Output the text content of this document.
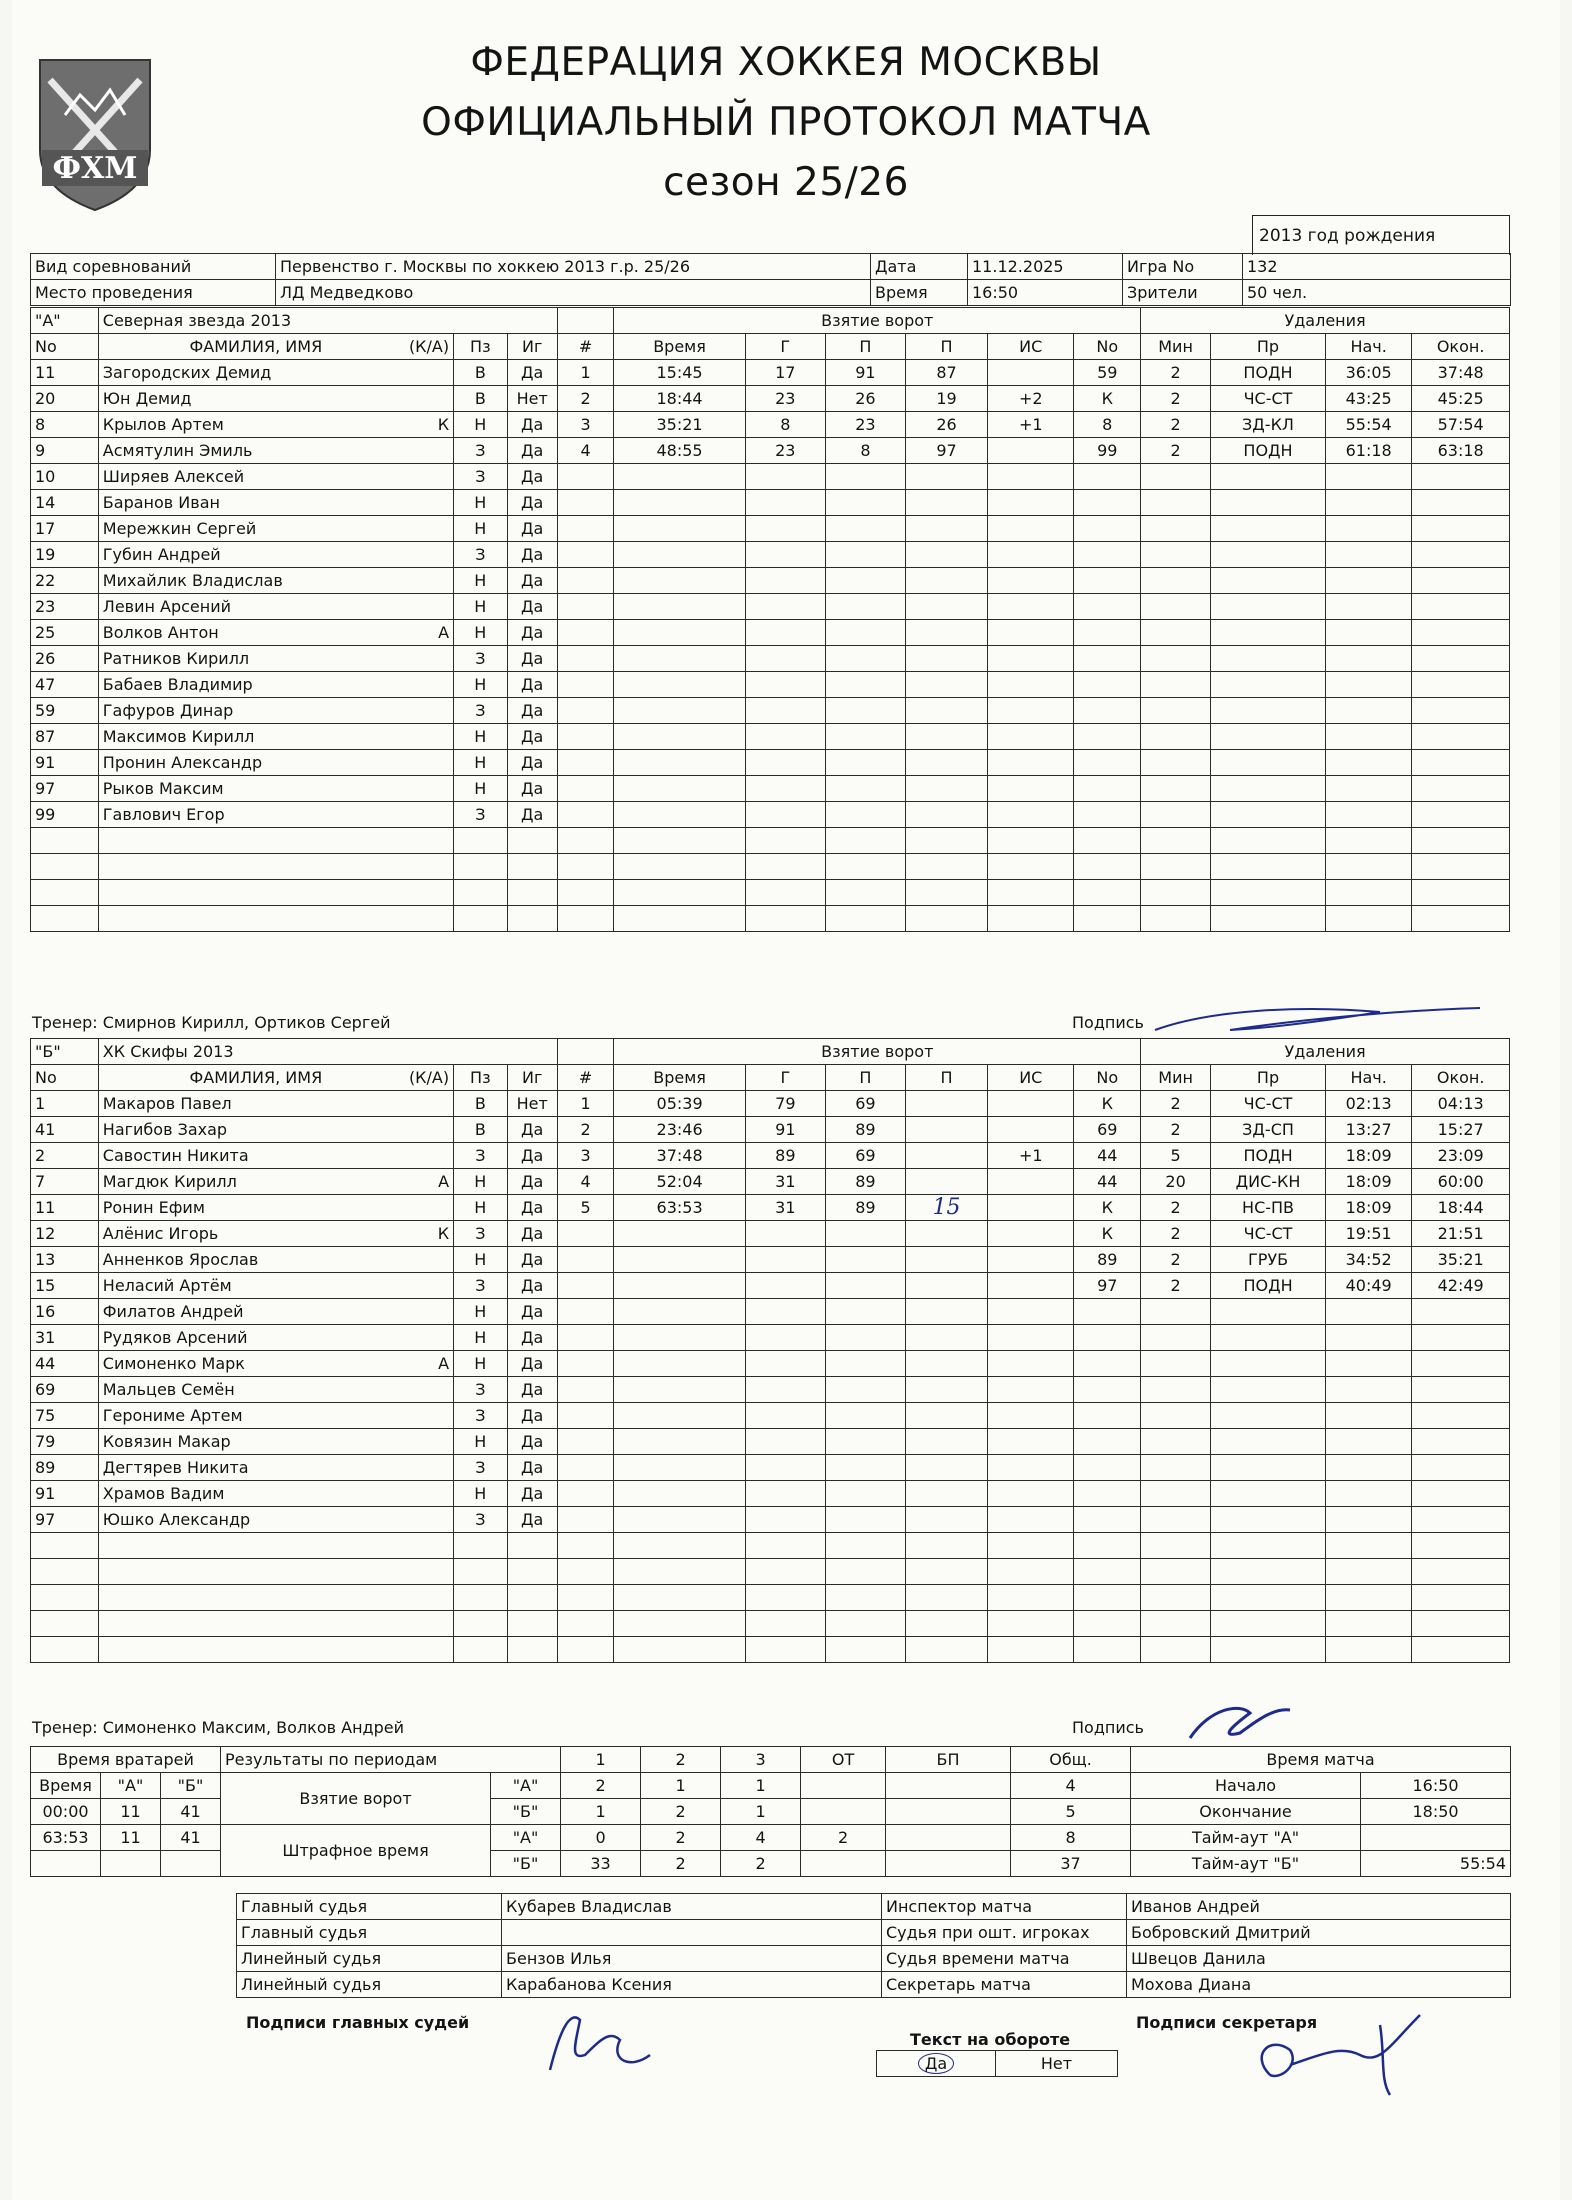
ФХМ
ФЕДЕРАЦИЯ ХОККЕЯ МОСКВЫ
ОФИЦИАЛЬНЫЙ ПРОТОКОЛ МАТЧА
сезон 25/26
2013 год рождения
Вид соревнований	Первенство г. Москвы по хоккею 2013 г.р. 25/26	Дата	11.12.2025	Игра No	132
Место проведения	ЛД Медведково	Время	16:50	Зрители	50 чел.
"А"	Северная звезда 2013				Взятие ворот						Удаления			
No	ФАМИЛИЯ, ИМЯ (К/А)	Пз	Иг	#	Время	Г	П	П	ИС	No	Мин	Пр	Нач.	Окон.
11	Загородских Демид	В	Да	1	15:45	17	91	87		59	2	ПОДН	36:05	37:48
20	Юн Демид	В	Нет	2	18:44	23	26	19	+2	К	2	ЧС-СТ	43:25	45:25
8	Крылов Артем К	Н	Да	3	35:21	8	23	26	+1	8	2	ЗД-КЛ	55:54	57:54
9	Асмятулин Эмиль	З	Да	4	48:55	23	8	97		99	2	ПОДН	61:18	63:18
10	Ширяев Алексей	З	Да											
14	Баранов Иван	Н	Да											
17	Мережкин Сергей	Н	Да											
19	Губин Андрей	З	Да											
22	Михайлик Владислав	Н	Да											
23	Левин Арсений	Н	Да											
25	Волков Антон А	Н	Да											
26	Ратников Кирилл	З	Да											
47	Бабаев Владимир	Н	Да											
59	Гафуров Динар	З	Да											
87	Максимов Кирилл	Н	Да											
91	Пронин Александр	Н	Да											
97	Рыков Максим	Н	Да											
99	Гавлович Егор	З	Да											

Тренер: Смирнов Кирилл, Ортиков Сергей	Подпись
"Б"	ХК Скифы 2013				Взятие ворот						Удаления			
No	ФАМИЛИЯ, ИМЯ (К/А)	Пз	Иг	#	Время	Г	П	П	ИС	No	Мин	Пр	Нач.	Окон.
1	Макаров Павел	В	Нет	1	05:39	79	69			К	2	ЧС-СТ	02:13	04:13
41	Нагибов Захар	В	Да	2	23:46	91	89			69	2	ЗД-СП	13:27	15:27
2	Савостин Никита	З	Да	3	37:48	89	69		+1	44	5	ПОДН	18:09	23:09
7	Магдюк Кирилл А	Н	Да	4	52:04	31	89			44	20	ДИС-КН	18:09	60:00
11	Ронин Ефим	Н	Да	5	63:53	31	89	15		К	2	НС-ПВ	18:09	18:44
12	Алёнис Игорь К	З	Да							К	2	ЧС-СТ	19:51	21:51
13	Анненков Ярослав	Н	Да							89	2	ГРУБ	34:52	35:21
15	Неласий Артём	З	Да							97	2	ПОДН	40:49	42:49
16	Филатов Андрей	Н	Да											
31	Рудяков Арсений	Н	Да											
44	Симоненко Марк А	Н	Да											
69	Мальцев Семён	З	Да											
75	Герониме Артем	З	Да											
79	Ковязин Макар	Н	Да											
89	Дегтярев Никита	З	Да											
91	Храмов Вадим	Н	Да											
97	Юшко Александр	З	Да											

Тренер: Симоненко Максим, Волков Андрей	Подпись
Время вратарей			Результаты по периодам		1	2	3	ОТ	БП	Общ.	Время матча	
Время	"А"	"Б"	Взятие ворот	"А"	2	1	1			4	Начало	16:50
00:00	11	41		"Б"	1	2	1			5	Окончание	18:50
63:53	11	41	Штрафное время	"А"	0	2	4	2		8	Тайм-аут "А"	
				"Б"	33	2	2			37	Тайм-аут "Б"	55:54
Главный судья	Кубарев Владислав	Инспектор матча	Иванов Андрей
Главный судья		Судья при ошт. игроках	Бобровский Дмитрий
Линейный судья	Бензов Илья	Судья времени матча	Швецов Данила
Линейный судья	Карабанова Ксения	Секретарь матча	Мохова Диана
Подписи главных судей
Текст на обороте
Да	Нет
Подписи секретаря
